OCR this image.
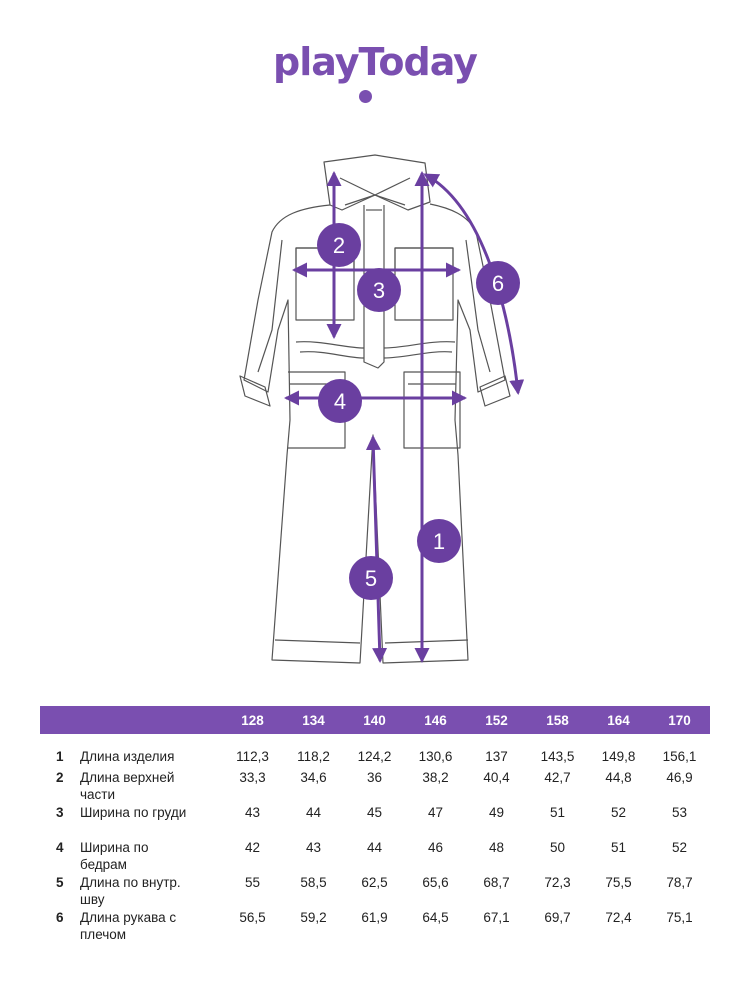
playToday
1
2
3
4
5
6
		128	134	140	146	152	158	164	170
1	Длина изделия	112,3	118,2	124,2	130,6	137	143,5	149,8	156,1
2	Длина верхней
части	33,3	34,6	36	38,2	40,4	42,7	44,8	46,9
3	Ширина по груди	43	44	45	47	49	51	52	53
4	Ширина по
бедрам	42	43	44	46	48	50	51	52
5	Длина по внутр.
шву	55	58,5	62,5	65,6	68,7	72,3	75,5	78,7
6	Длина рукава с
плечом	56,5	59,2	61,9	64,5	67,1	69,7	72,4	75,1
